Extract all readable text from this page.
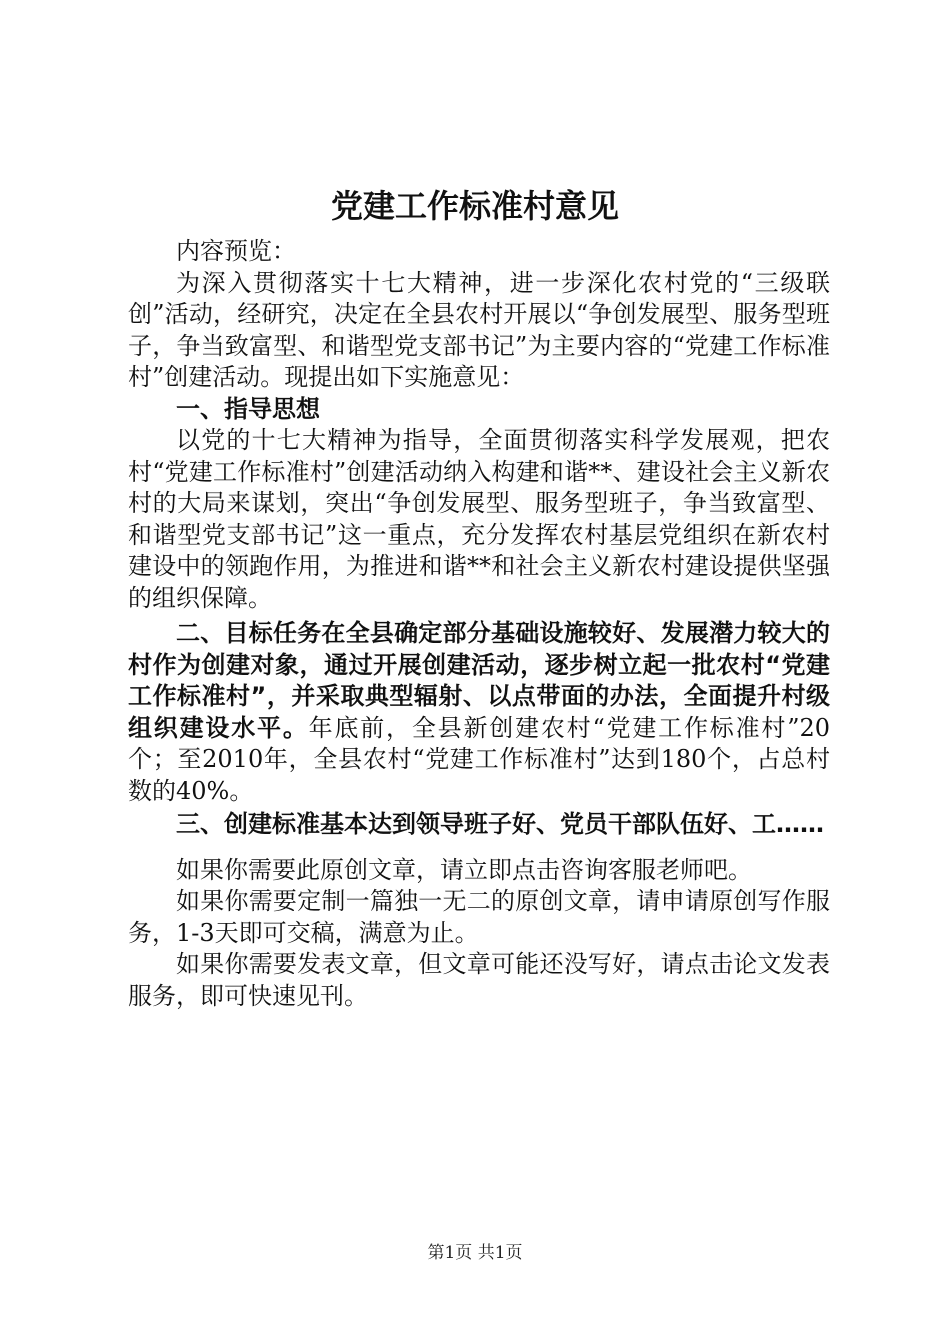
党建工作标准村意见

内容预览：

为深入贯彻落实十七大精神，进一步深化农村党的“三级联创”活动，经研究，决定在全县农村开展以“争创发展型、服务型班子，争当致富型、和谐型党支部书记”为主要内容的“党建工作标准村”创建活动。现提出如下实施意见：

一、指导思想

以党的十七大精神为指导，全面贯彻落实科学发展观，把农村“党建工作标准村”创建活动纳入构建和谐**、建设社会主义新农村的大局来谋划，突出“争创发展型、服务型班子，争当致富型、和谐型党支部书记”这一重点，充分发挥农村基层党组织在新农村建设中的领跑作用，为推进和谐**和社会主义新农村建设提供坚强的组织保障。

二、目标任务在全县确定部分基础设施较好、发展潜力较大的村作为创建对象，通过开展创建活动，逐步树立起一批农村“党建工作标准村”，并采取典型辐射、以点带面的办法，全面提升村级组织建设水平。年底前，全县新创建农村“党建工作标准村”20个；至2010年，全县农村“党建工作标准村”达到180个，占总村数的40%。

三、创建标准基本达到领导班子好、党员干部队伍好、工……

如果你需要此原创文章，请立即点击咨询客服老师吧。

如果你需要定制一篇独一无二的原创文章，请申请原创写作服务，1-3天即可交稿，满意为止。

如果你需要发表文章，但文章可能还没写好，请点击论文发表服务，即可快速见刊。

第1页 共1页
